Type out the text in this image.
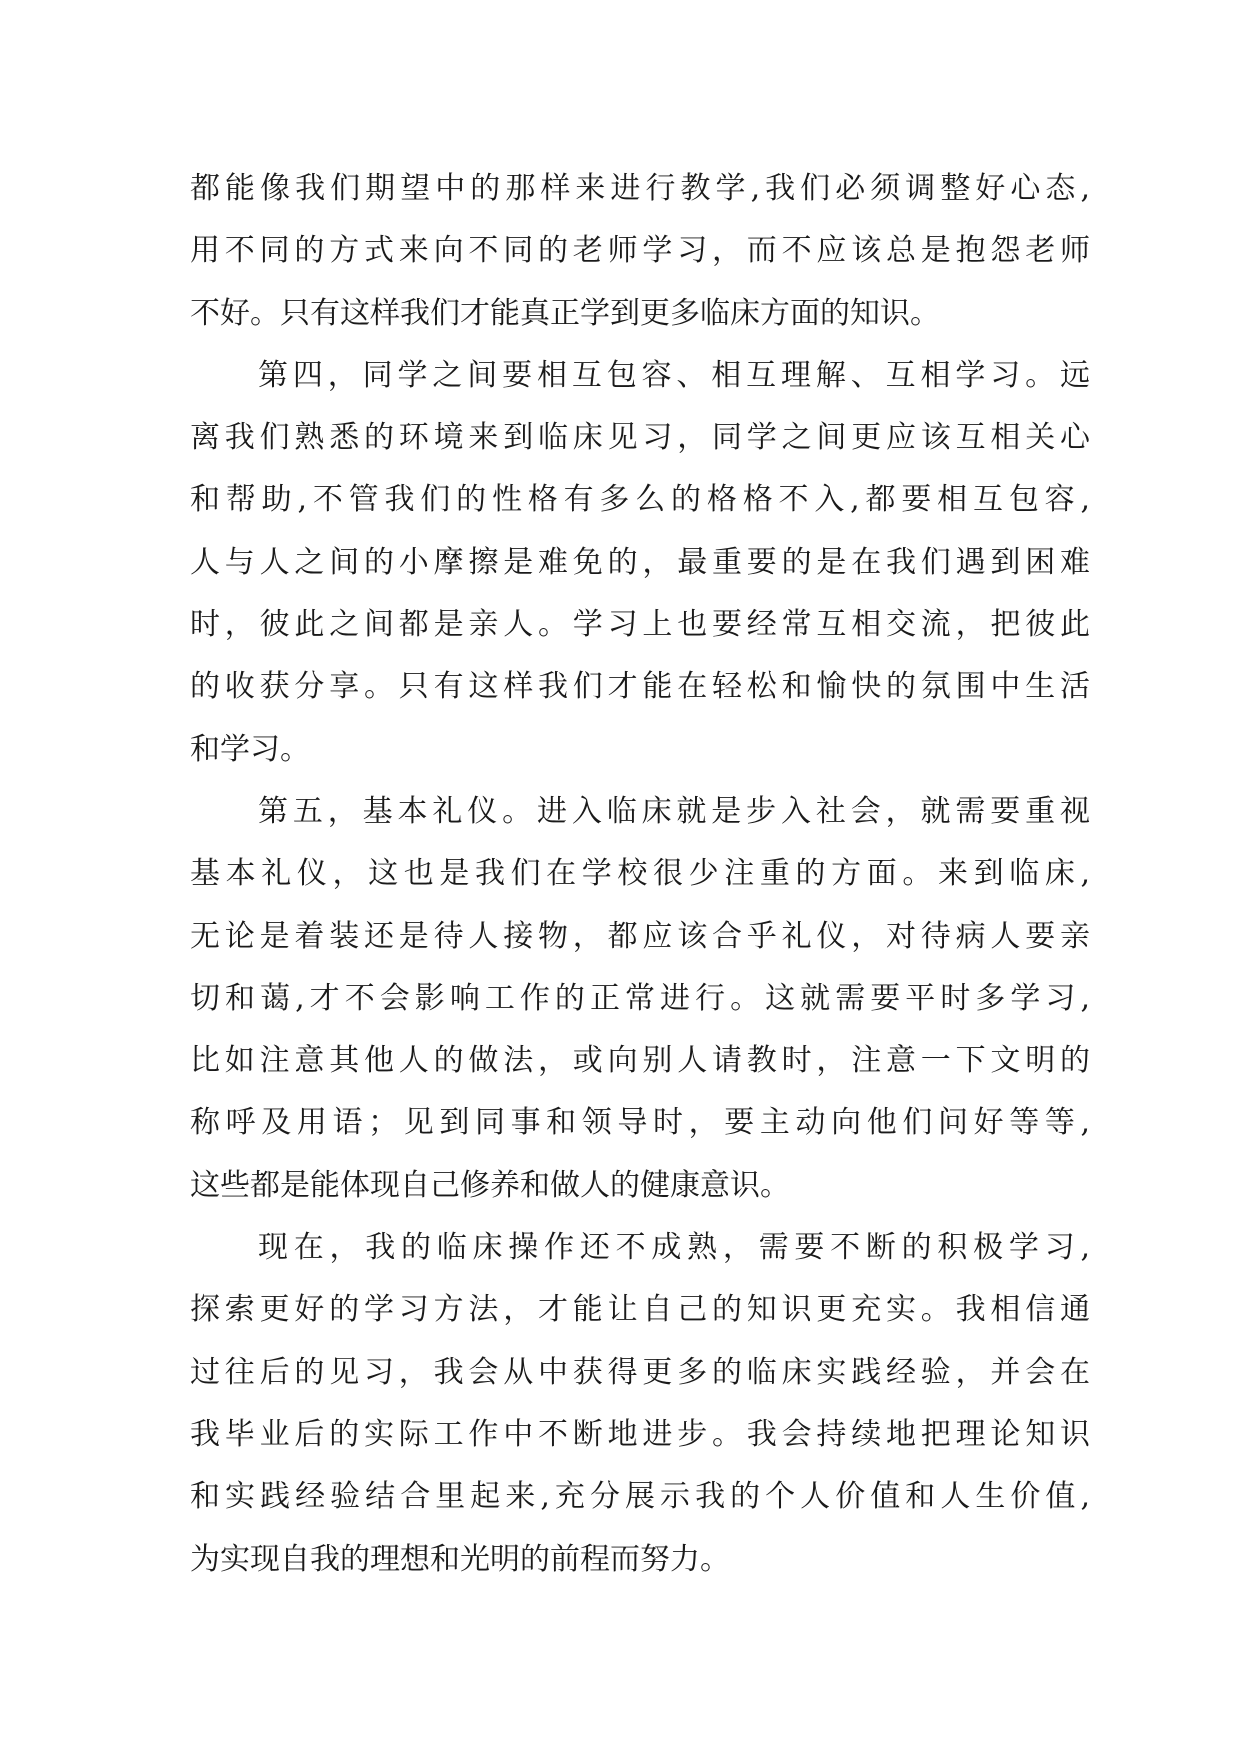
都能像我们期望中的那样来进行教学,我们必须调整好心态,
用不同的方式来向不同的老师学习，而不应该总是抱怨老师
不好。只有这样我们才能真正学到更多临床方面的知识。
第四，同学之间要相互包容、相互理解、互相学习。远
离我们熟悉的环境来到临床见习，同学之间更应该互相关心
和帮助,不管我们的性格有多么的格格不入,都要相互包容,
人与人之间的小摩擦是难免的，最重要的是在我们遇到困难
时，彼此之间都是亲人。学习上也要经常互相交流，把彼此
的收获分享。只有这样我们才能在轻松和愉快的氛围中生活
和学习。
第五，基本礼仪。进入临床就是步入社会，就需要重视
基本礼仪，这也是我们在学校很少注重的方面。来到临床,
无论是着装还是待人接物，都应该合乎礼仪，对待病人要亲
切和蔼,才不会影响工作的正常进行。这就需要平时多学习,
比如注意其他人的做法，或向别人请教时，注意一下文明的
称呼及用语；见到同事和领导时，要主动向他们问好等等,
这些都是能体现自己修养和做人的健康意识。
现在，我的临床操作还不成熟，需要不断的积极学习,
探索更好的学习方法，才能让自己的知识更充实。我相信通
过往后的见习，我会从中获得更多的临床实践经验，并会在
我毕业后的实际工作中不断地进步。我会持续地把理论知识
和实践经验结合里起来,充分展示我的个人价值和人生价值,
为实现自我的理想和光明的前程而努力。
